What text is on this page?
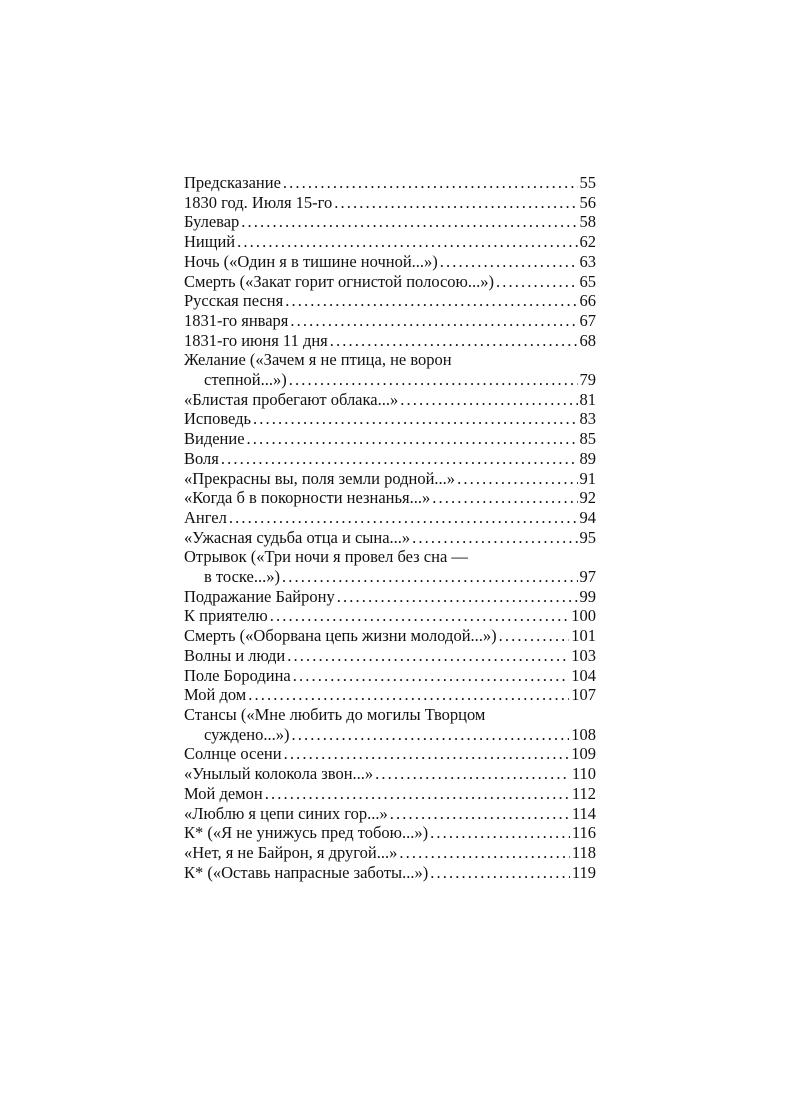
Предсказание . . .	55
1830 год. Июля 15-го . . .	56
Булевар . . .	58
Нищий . . .	62
Ночь («Один я в тишине ночной...») . . .	63
Смерть («Закат горит огнистой полосою...») . . .	65
Русская песня . . .	66
1831-го января . . .	67
1831-го июня 11 дня . . .	68
Желание («Зачем я не птица, не ворон
степной...») . . .	79
«Блистая пробегают облака...» . . .	81
Исповедь . . .	83
Видение . . .	85
Воля . . .	89
«Прекрасны вы, поля земли родной...» . . .	91
«Когда б в покорности незнанья...» . . .	92
Ангел . . .	94
«Ужасная судьба отца и сына...» . . .	95
Отрывок («Три ночи я провел без сна —
в тоске...») . . .	97
Подражание Байрону . . .	99
К приятелю . . .	100
Смерть («Оборвана цепь жизни молодой...») . . .	101
Волны и люди . . .	103
Поле Бородина . . .	104
Мой дом . . .	107
Стансы («Мне любить до могилы Творцом
суждено...») . . .	108
Солнце осени . . .	109
«Унылый колокола звон...» . . .	110
Мой демон . . .	112
«Люблю я цепи синих гор...» . . .	114
К* («Я не унижусь пред тобою...») . . .	116
«Нет, я не Байрон, я другой...» . . .	118
К* («Оставь напрасные заботы...») . . .	119
